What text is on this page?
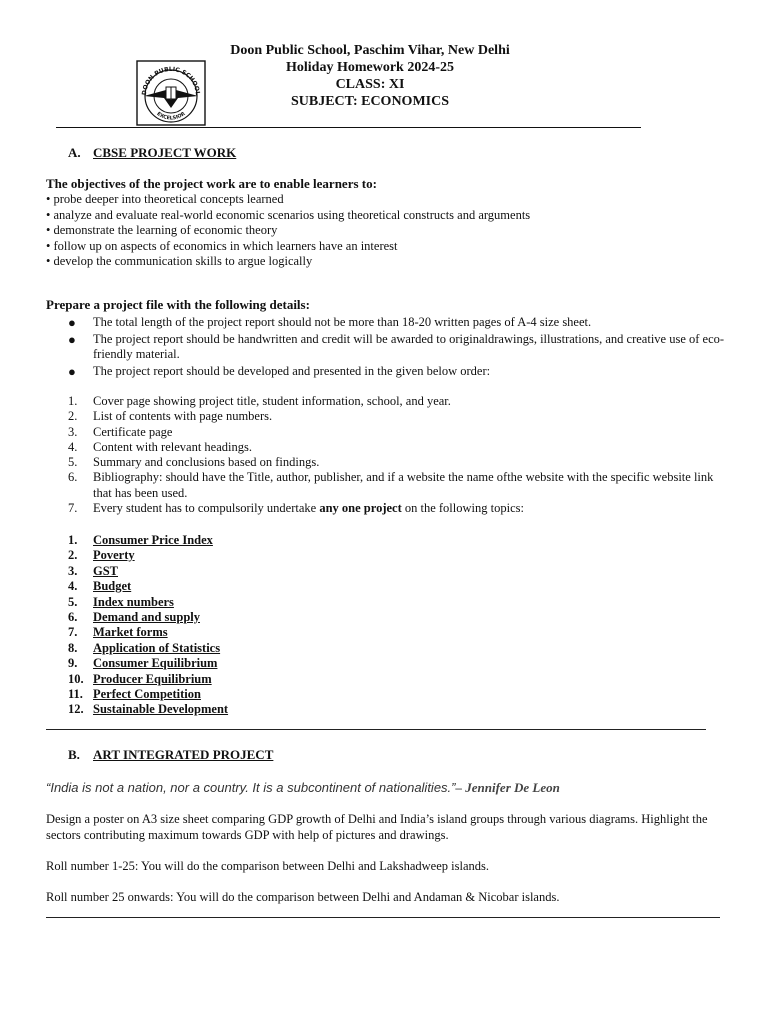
DOON PUBLIC SCHOOL
EXCELSIOR
Doon Public School, Paschim Vihar, New Delhi
Holiday Homework 2024-25
CLASS: XI
SUBJECT: ECONOMICS
A. CBSE PROJECT WORK
The objectives of the project work are to enable learners to:
• probe deeper into theoretical concepts learned
• analyze and evaluate real-world economic scenarios using theoretical constructs and arguments
• demonstrate the learning of economic theory
• follow up on aspects of economics in which learners have an interest
• develop the communication skills to argue logically
Prepare a project file with the following details:
●	The total length of the project report should not be more than 18-20 written pages of A-4 size sheet.
●	The project report should be handwritten and credit will be awarded to originaldrawings, illustrations, and creative use of eco-friendly material.
●	The project report should be developed and presented in the given below order:
1.	Cover page showing project title, student information, school, and year.
2.	List of contents with page numbers.
3.	Certificate page
4.	Content with relevant headings.
5.	Summary and conclusions based on findings.
6.	Bibliography: should have the Title, author, publisher, and if a website the name ofthe website with the specific website link that has been used.
7.	Every student has to compulsorily undertake any one project on the following topics:
1.	Consumer Price Index
2.	Poverty
3.	GST
4.	Budget
5.	Index numbers
6.	Demand and supply
7.	Market forms
8.	Application of Statistics
9.	Consumer Equilibrium
10. Producer Equilibrium
11. Perfect Competition
12. Sustainable Development
B. ART INTEGRATED PROJECT
“India is not a nation, nor a country. It is a subcontinent of nationalities.”– Jennifer De Leon
Design a poster on A3 size sheet comparing GDP growth of Delhi and India’s island groups through various diagrams. Highlight the sectors contributing maximum towards GDP with help of pictures and drawings.
Roll number 1-25: You will do the comparison between Delhi and Lakshadweep islands.
Roll number 25 onwards: You will do the comparison between Delhi and Andaman & Nicobar islands.
